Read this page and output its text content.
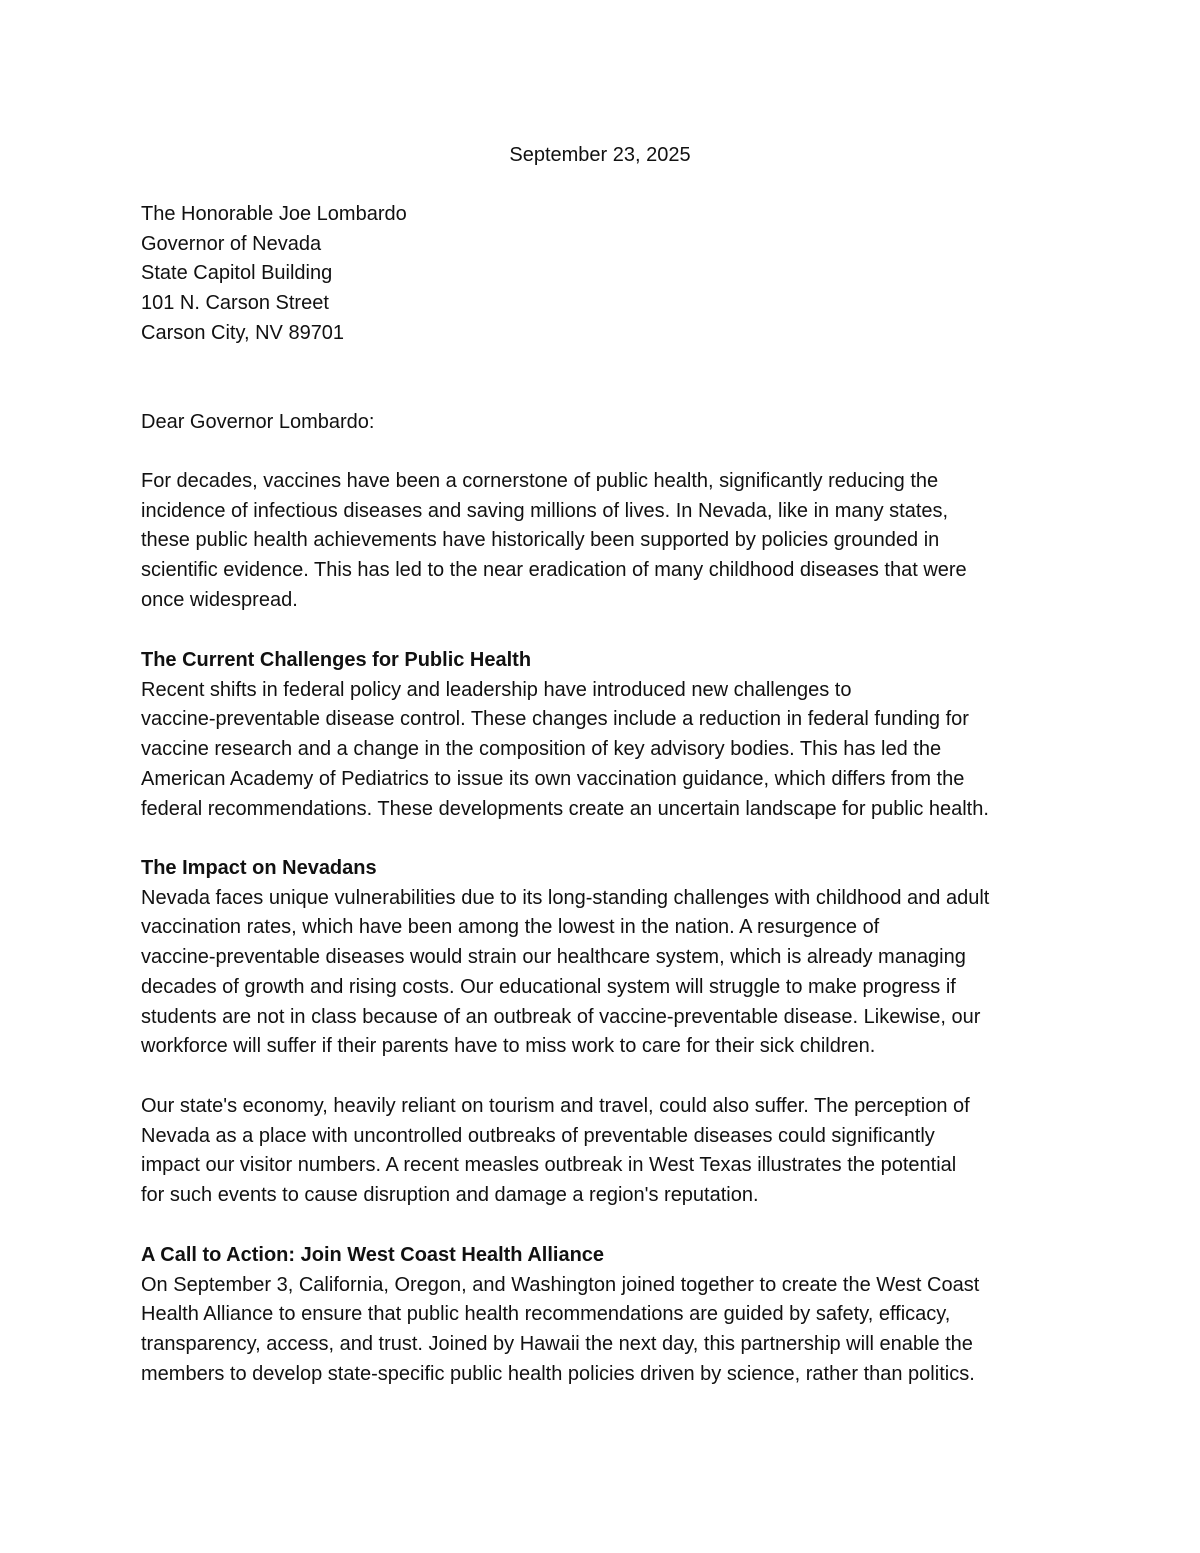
September 23, 2025
The Honorable Joe Lombardo
Governor of Nevada
State Capitol Building
101 N. Carson Street
Carson City, NV 89701
Dear Governor Lombardo:
For decades, vaccines have been a cornerstone of public health, significantly reducing the
incidence of infectious diseases and saving millions of lives. In Nevada, like in many states,
these public health achievements have historically been supported by policies grounded in
scientific evidence. This has led to the near eradication of many childhood diseases that were
once widespread.
The Current Challenges for Public Health
Recent shifts in federal policy and leadership have introduced new challenges to
vaccine-preventable disease control. These changes include a reduction in federal funding for
vaccine research and a change in the composition of key advisory bodies. This has led the
American Academy of Pediatrics to issue its own vaccination guidance, which differs from the
federal recommendations. These developments create an uncertain landscape for public health.
The Impact on Nevadans
Nevada faces unique vulnerabilities due to its long-standing challenges with childhood and adult
vaccination rates, which have been among the lowest in the nation. A resurgence of
vaccine-preventable diseases would strain our healthcare system, which is already managing
decades of growth and rising costs. Our educational system will struggle to make progress if
students are not in class because of an outbreak of vaccine-preventable disease. Likewise, our
workforce will suffer if their parents have to miss work to care for their sick children.
Our state's economy, heavily reliant on tourism and travel, could also suffer. The perception of
Nevada as a place with uncontrolled outbreaks of preventable diseases could significantly
impact our visitor numbers. A recent measles outbreak in West Texas illustrates the potential
for such events to cause disruption and damage a region's reputation.
A Call to Action: Join West Coast Health Alliance
On September 3, California, Oregon, and Washington joined together to create the West Coast
Health Alliance to ensure that public health recommendations are guided by safety, efficacy,
transparency, access, and trust. Joined by Hawaii the next day, this partnership will enable the
members to develop state-specific public health policies driven by science, rather than politics.
